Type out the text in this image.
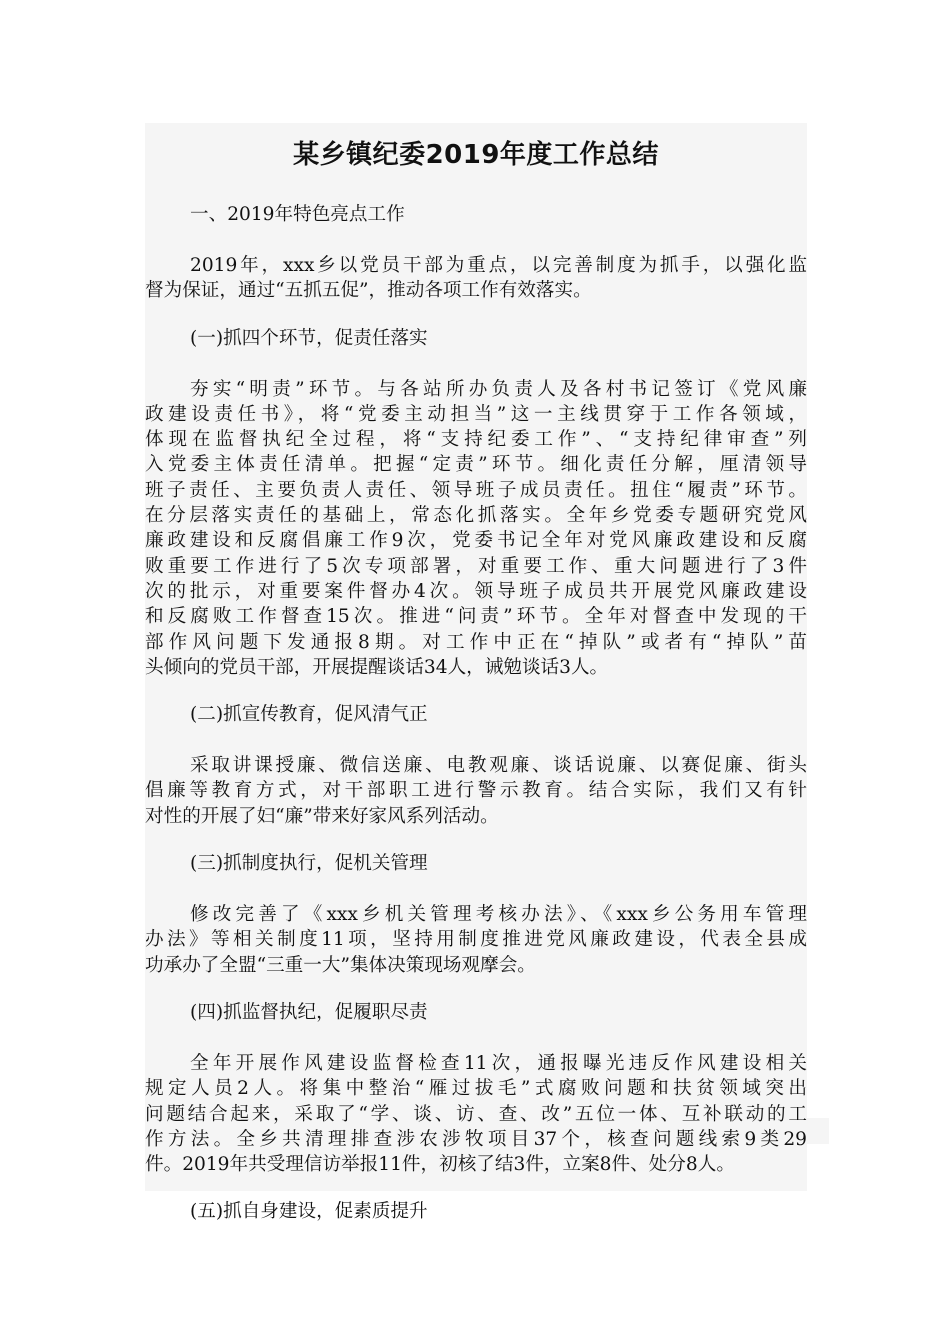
某乡镇纪委2019年度工作总结
一、2019年特色亮点工作
2019年，xxx乡以党员干部为重点，以完善制度为抓手，以强化监
督为保证，通过“五抓五促”，推动各项工作有效落实。
(一)抓四个环节，促责任落实
夯实“明责”环节。与各站所办负责人及各村书记签订《党风廉
政建设责任书》，将“党委主动担当”这一主线贯穿于工作各领域，
体现在监督执纪全过程，将“支持纪委工作”、“支持纪律审查”列
入党委主体责任清单。把握“定责”环节。细化责任分解，厘清领导
班子责任、主要负责人责任、领导班子成员责任。扭住“履责”环节。
在分层落实责任的基础上，常态化抓落实。全年乡党委专题研究党风
廉政建设和反腐倡廉工作9次，党委书记全年对党风廉政建设和反腐
败重要工作进行了5次专项部署，对重要工作、重大问题进行了3件
次的批示，对重要案件督办4次。领导班子成员共开展党风廉政建设
和反腐败工作督查15次。推进“问责”环节。全年对督查中发现的干
部作风问题下发通报8期。对工作中正在“掉队”或者有“掉队”苗
头倾向的党员干部，开展提醒谈话34人，诫勉谈话3人。
(二)抓宣传教育，促风清气正
采取讲课授廉、微信送廉、电教观廉、谈话说廉、以赛促廉、街头
倡廉等教育方式，对干部职工进行警示教育。结合实际，我们又有针
对性的开展了妇“廉”带来好家风系列活动。
(三)抓制度执行，促机关管理
修改完善了《xxx乡机关管理考核办法》、《xxx乡公务用车管理
办法》等相关制度11项，坚持用制度推进党风廉政建设，代表全县成
功承办了全盟“三重一大”集体决策现场观摩会。
(四)抓监督执纪，促履职尽责
全年开展作风建设监督检查11次，通报曝光违反作风建设相关
规定人员2人。将集中整治“雁过拔毛”式腐败问题和扶贫领域突出
问题结合起来，采取了“学、谈、访、查、改”五位一体、互补联动的工
作方法。全乡共清理排查涉农涉牧项目37个，核查问题线索9类29
件。2019年共受理信访举报11件，初核了结3件，立案8件、处分8人。
(五)抓自身建设，促素质提升
